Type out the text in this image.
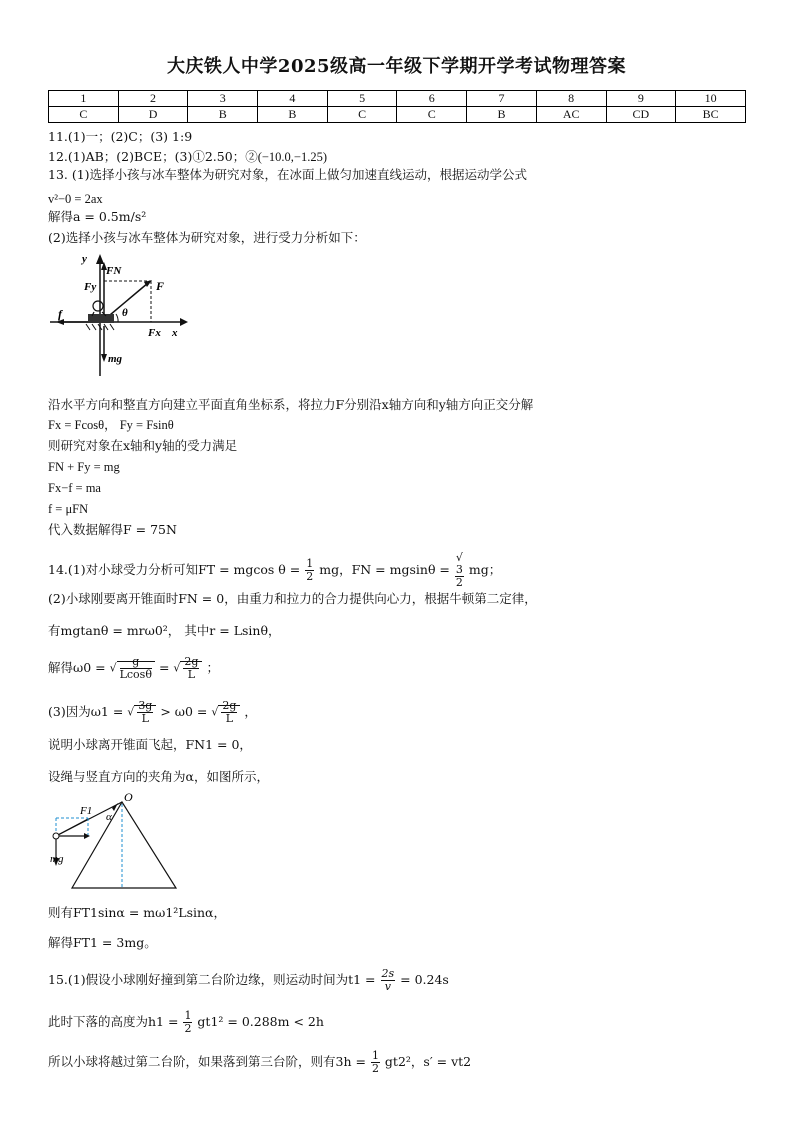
大庆铁人中学2025级高一年级下学期开学考试物理答案
1	2	3	4	5	6	7	8	9	10
C	D	B	B	C	C	B	AC	CD	BC
11.(1)一；(2)C；(3) 1:9
12.(1)AB；(2)BCE；(3)①2.50；②(−10.0,−1.25)
13. (1)选择小孩与冰车整体为研究对象，在冰面上做匀加速直线运动，根据运动学公式
v²−0 = 2ax
解得a = 0.5m/s²
(2)选择小孩与冰车整体为研究对象，进行受力分析如下：
y
FN
Fy	F
f	θ
Fx x
mg
沿水平方向和整直方向建立平面直角坐标系，将拉力F分别沿x轴方向和y轴方向正交分解
Fx = Fcosθ， Fy = Fsinθ
则研究对象在x轴和y轴的受力满足
FN + Fy = mg
Fx−f = ma
f = μFN
代入数据解得F = 75N
14.(1)对小球受力分析可知FT = mgcos $\theta = \frac{1}{2}$ mg，FN = mgsinθ = √
3
2 mg；
(2)小球刚要离开锥面时FN = 0，由重力和拉力的合力提供向心力，根据牛顿第二定律，
有mgtanθ = mrω0²， 其中r = Lsinθ，
解得ω0 = √ $\frac{g}{Lcos\theta}$ = √ $\frac{2g}{L}$ ；
(3)因为ω1 = √ $\frac{3g}{L} > \omega 0$ = √ $\frac{2g}{L}$ ，
说明小球离开锥面飞起，FN1 = 0，
设绳与竖直方向的夹角为α，如图所示，
O
F1 α
mg
则有FT1sinα = mω1²Lsinα，
解得FT1 = 3mg。
15.(1)假设小球刚好撞到第二台阶边缘，则运动时间为$t1 = \frac{2s}{v} = 0.24s$
此时下落的高度为$h1 = \frac{1}{2} gt1^2 = 0.288m < 2h$
所以小球将越过第二台阶，如果落到第三台阶，则有$3h = \frac{1}{2} gt2^2$，s′ = vt2
